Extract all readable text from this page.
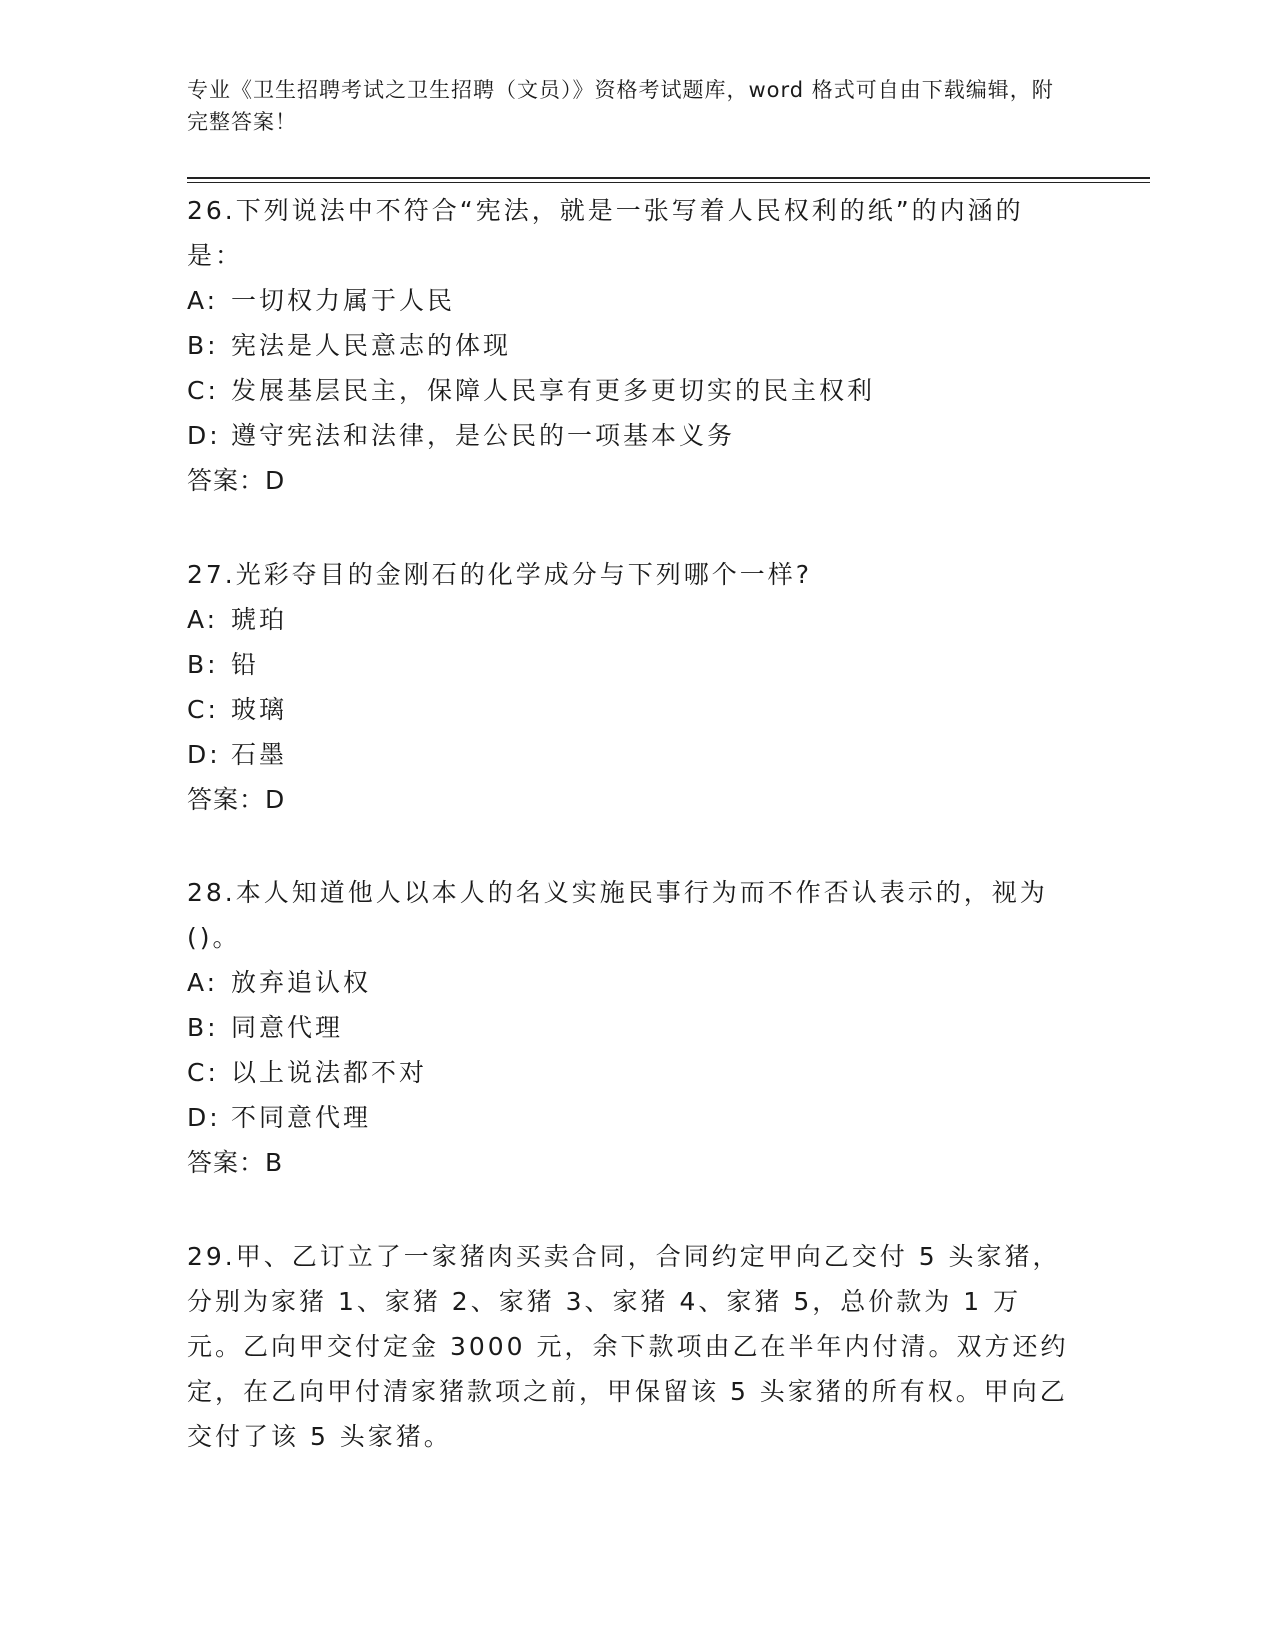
专业《卫生招聘考试之卫生招聘（文员）》资格考试题库，word 格式可自由下载编辑，附完整答案！

26.下列说法中不符合“宪法，就是一张写着人民权利的纸”的内涵的是：

A: 一切权力属于人民

B: 宪法是人民意志的体现

C: 发展基层民主，保障人民享有更多更切实的民主权利

D: 遵守宪法和法律，是公民的一项基本义务

答案：D

27.光彩夺目的金刚石的化学成分与下列哪个一样?

A: 琥珀

B: 铅

C: 玻璃

D: 石墨

答案：D

28.本人知道他人以本人的名义实施民事行为而不作否认表示的，视为()。

A: 放弃追认权

B: 同意代理

C: 以上说法都不对

D: 不同意代理

答案：B

29.甲、乙订立了一家猪肉买卖合同，合同约定甲向乙交付 5 头家猪，分别为家猪 1、家猪 2、家猪 3、家猪 4、家猪 5，总价款为 1 万元。乙向甲交付定金 3000 元，余下款项由乙在半年内付清。双方还约定，在乙向甲付清家猪款项之前，甲保留该 5 头家猪的所有权。甲向乙交付了该 5 头家猪。
